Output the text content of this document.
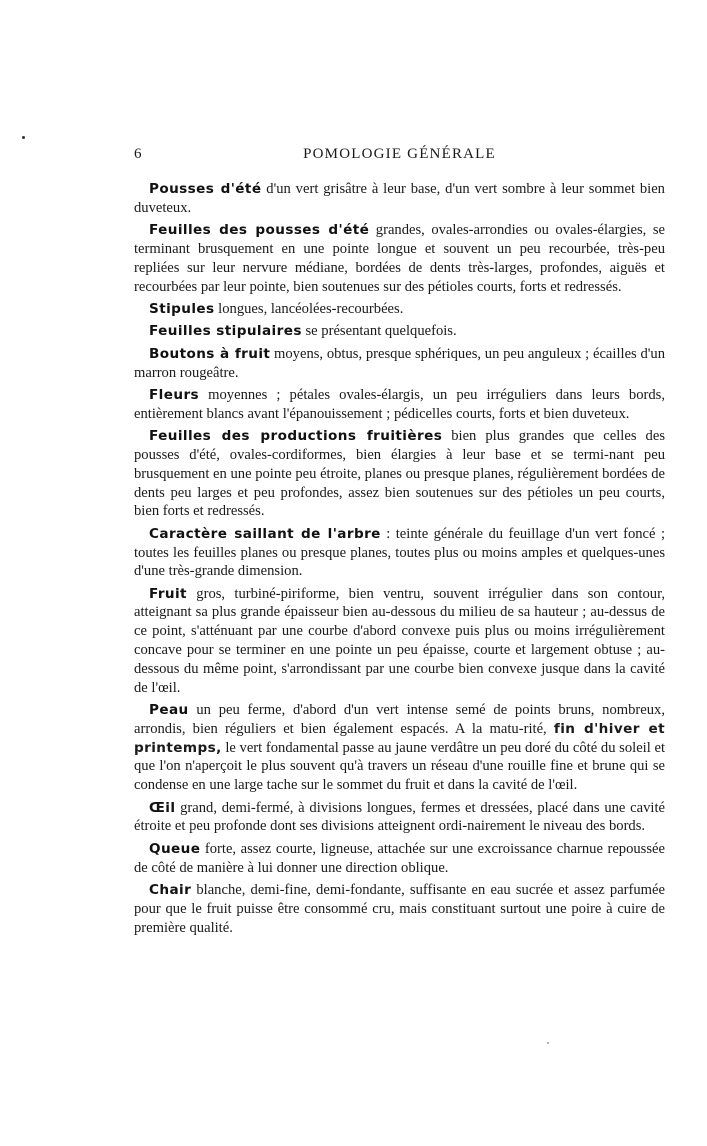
6	POMOLOGIE GÉNÉRALE

Pousses d'été d'un vert grisâtre à leur base, d'un vert sombre à leur sommet bien duveteux.

Feuilles des pousses d'été grandes, ovales-arrondies ou ovales-élargies, se terminant brusquement en une pointe longue et souvent un peu recourbée, très-peu repliées sur leur nervure médiane, bordées de dents très-larges, profondes, aiguës et recourbées par leur pointe, bien soutenues sur des pétioles courts, forts et redressés.

Stipules longues, lancéolées-recourbées.

Feuilles stipulaires se présentant quelquefois.

Boutons à fruit moyens, obtus, presque sphériques, un peu anguleux ; écailles d'un marron rougeâtre.

Fleurs moyennes ; pétales ovales-élargis, un peu irréguliers dans leurs bords, entièrement blancs avant l'épanouissement ; pédicelles courts, forts et bien duveteux.

Feuilles des productions fruitières bien plus grandes que celles des pousses d'été, ovales-cordiformes, bien élargies à leur base et se termi-nant peu brusquement en une pointe peu étroite, planes ou presque planes, régulièrement bordées de dents peu larges et peu profondes, assez bien soutenues sur des pétioles un peu courts, bien forts et redressés.

Caractère saillant de l'arbre : teinte générale du feuillage d'un vert foncé ; toutes les feuilles planes ou presque planes, toutes plus ou moins amples et quelques-unes d'une très-grande dimension.

Fruit gros, turbiné-piriforme, bien ventru, souvent irrégulier dans son contour, atteignant sa plus grande épaisseur bien au-dessous du milieu de sa hauteur ; au-dessus de ce point, s'atténuant par une courbe d'abord convexe puis plus ou moins irrégulièrement concave pour se terminer en une pointe un peu épaisse, courte et largement obtuse ; au-dessous du même point, s'arrondissant par une courbe bien convexe jusque dans la cavité de l'œil.

Peau un peu ferme, d'abord d'un vert intense semé de points bruns, nombreux, arrondis, bien réguliers et bien également espacés. A la matu-rité, fin d'hiver et printemps, le vert fondamental passe au jaune verdâtre un peu doré du côté du soleil et que l'on n'aperçoit le plus souvent qu'à travers un réseau d'une rouille fine et brune qui se condense en une large tache sur le sommet du fruit et dans la cavité de l'œil.

Œil grand, demi-fermé, à divisions longues, fermes et dressées, placé dans une cavité étroite et peu profonde dont ses divisions atteignent ordi-nairement le niveau des bords.

Queue forte, assez courte, ligneuse, attachée sur une excroissance charnue repoussée de côté de manière à lui donner une direction oblique.

Chair blanche, demi-fine, demi-fondante, suffisante en eau sucrée et assez parfumée pour que le fruit puisse être consommé cru, mais constituant surtout une poire à cuire de première qualité.
